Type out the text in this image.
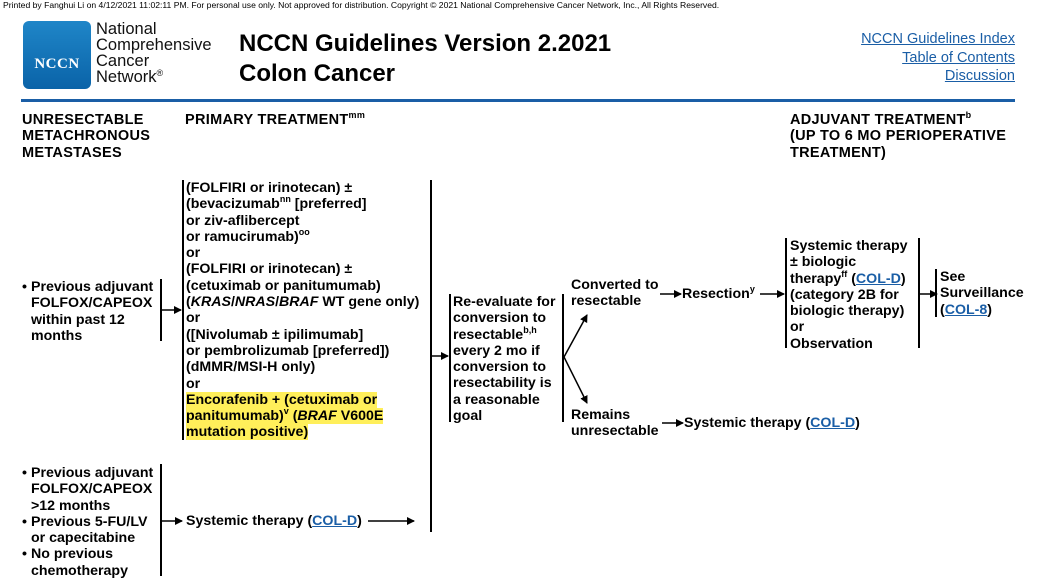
Printed by Fanghui Li on 4/12/2021 11:02:11 PM. For personal use only. Not approved for distribution. Copyright © 2021 National Comprehensive Cancer Network, Inc., All Rights Reserved.
NCCN
National
Comprehensive
Cancer
Network®
NCCN Guidelines Version 2.2021
Colon Cancer
NCCN Guidelines Index
Table of Contents
Discussion
UNRESECTABLE
METACHRONOUS
METASTASES
PRIMARY $TREATMENT^{mm}$	ADJUVANT TREATMENT$^b$
(UP TO 6 MO PERIOPERATIVE
TREATMENT)
• Previous adjuvant
FOLFOX/CAPEOX
within past 12
months
• Previous adjuvant
FOLFOX/CAPEOX
>12 months
• Previous 5-FU/LV
or capecitabine
• No previous
chemotherapy
(FOLFIRI or irinotecan) ±
(bevacizumab$^{nn}$ [preferred]
or ziv-aflibercept
or ramucirumab)$^{oo}$
or
(FOLFIRI or irinotecan) ±
(cetuximab or panitumumab)
(KRAS/NRAS/BRAF WT gene only)
or
([Nivolumab ± ipilimumab]
or pembrolizumab [preferred])
(dMMR/MSI-H only)
or
Encorafenib + (cetuximab or
panitumumab)$^v$ (BRAF V600E
mutation positive)
Systemic therapy (COL-D)
Re-evaluate for
conversion to
resectable$^{b,h}$
every 2 mo if
conversion to
resectability is
a reasonable
goal
Converted to
resectable
Remains
unresectable
Resection$^y$
Systemic therapy (COL-D)
Systemic therapy
± biologic
therapy$^{ff}$ (COL-D)
(category 2B for
biologic therapy)
or
Observation
See
Surveillance
(COL-8)
